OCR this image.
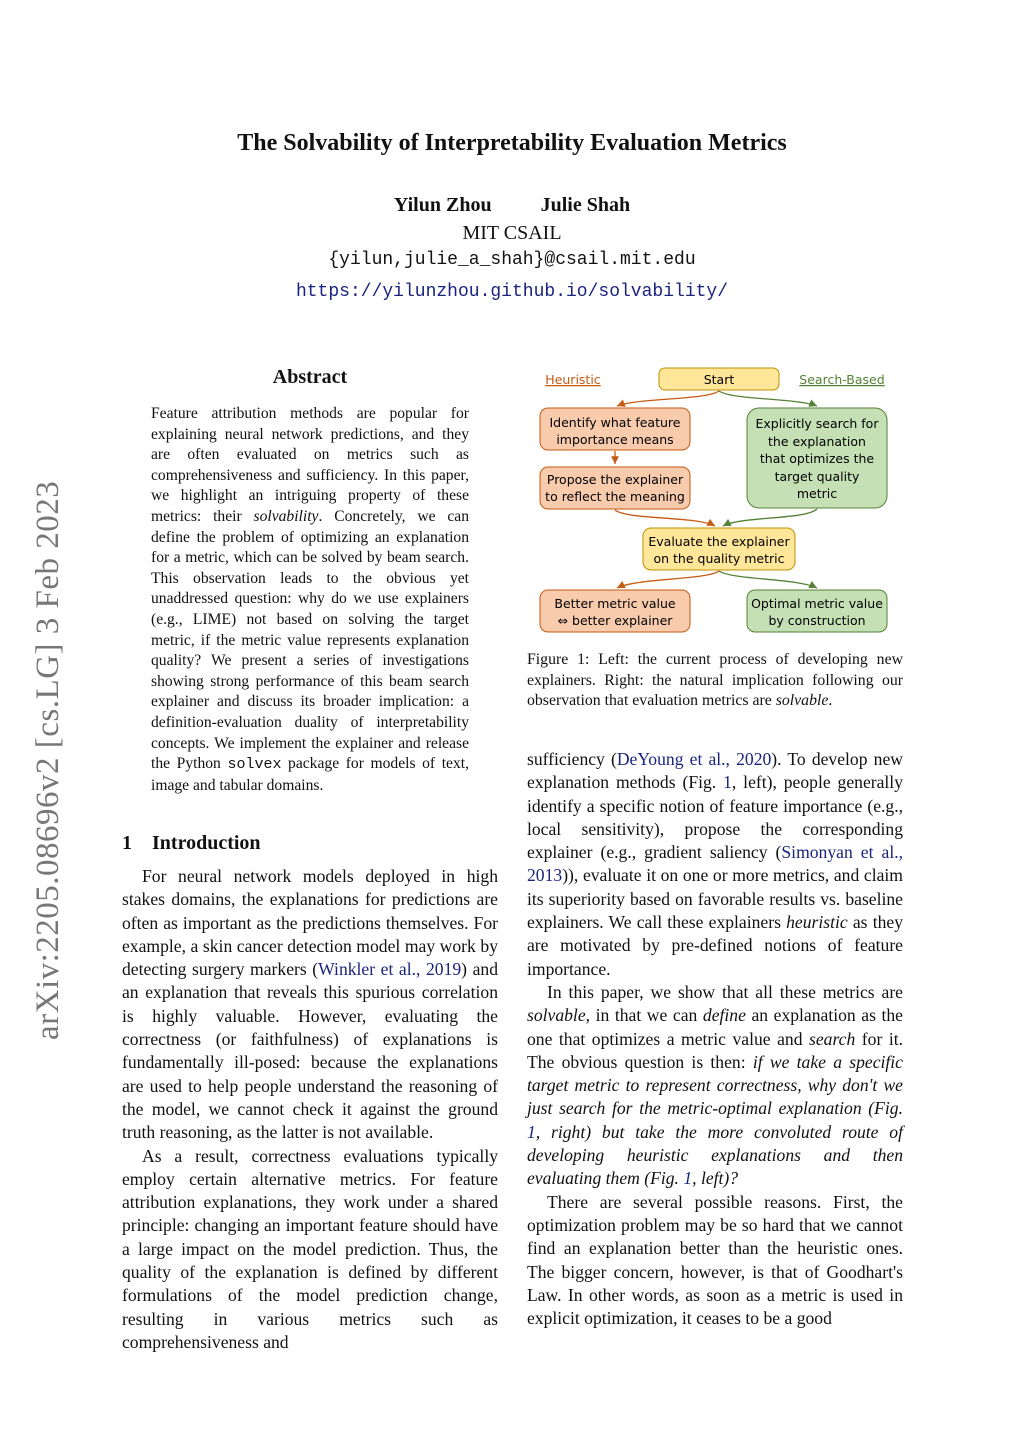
The Solvability of Interpretability Evaluation Metrics
Yilun Zhou Julie Shah
MIT CSAIL
{yilun,julie_a_shah}@csail.mit.edu
https://yilunzhou.github.io/solvability/
arXiv:2205.08696v2 [cs.LG] 3 Feb 2023
Abstract
Feature attribution methods are popular for explaining neural network predictions, and they are often evaluated on metrics such as comprehensiveness and sufficiency. In this paper, we highlight an intriguing property of these metrics: their solvability. Concretely, we can define the problem of optimizing an explanation for a metric, which can be solved by beam search. This observation leads to the obvious yet unaddressed question: why do we use explainers (e.g., LIME) not based on solving the target metric, if the metric value represents explanation quality? We present a series of investigations showing strong performance of this beam search explainer and discuss its broader implication: a definition-evaluation duality of interpretability concepts. We implement the explainer and release the Python solvex package for models of text, image and tabular domains.
1 Introduction

For neural network models deployed in high stakes domains, the explanations for predictions are often as important as the predictions themselves. For example, a skin cancer detection model may work by detecting surgery markers (Winkler et al., 2019) and an explanation that reveals this spurious correlation is highly valuable. However, evaluating the correctness (or faithfulness) of explanations is fundamentally ill-posed: because the explanations are used to help people understand the reasoning of the model, we cannot check it against the ground truth reasoning, as the latter is not available.

As a result, correctness evaluations typically employ certain alternative metrics. For feature attribution explanations, they work under a shared principle: changing an important feature should have a large impact on the model prediction. Thus, the quality of the explanation is defined by different formulations of the model prediction change, resulting in various metrics such as comprehensiveness and

Heuristic	Search-Based
Start
Identify what feature
importance means
Propose the explainer
to reflect the meaning
Explicitly search for
the explanation
that optimizes the
target quality
metric
Evaluate the explainer
on the quality metric
Better metric value
⇔ better explainer
Optimal metric value
by construction
Figure 1: Left: the current process of developing new explainers. Right: the natural implication following our observation that evaluation metrics are solvable.

sufficiency (DeYoung et al., 2020). To develop new explanation methods (Fig. 1, left), people generally identify a specific notion of feature importance (e.g., local sensitivity), propose the corresponding explainer (e.g., gradient saliency (Simonyan et al., 2013)), evaluate it on one or more metrics, and claim its superiority based on favorable results vs. baseline explainers. We call these explainers heuristic as they are motivated by pre-defined notions of feature importance.

In this paper, we show that all these metrics are solvable, in that we can define an explanation as the one that optimizes a metric value and search for it. The obvious question is then: if we take a specific target metric to represent correctness, why don't we just search for the metric-optimal explanation (Fig. 1, right) but take the more convoluted route of developing heuristic explanations and then evaluating them (Fig. 1, left)?

There are several possible reasons. First, the optimization problem may be so hard that we cannot find an explanation better than the heuristic ones. The bigger concern, however, is that of Goodhart's Law. In other words, as soon as a metric is used in explicit optimization, it ceases to be a good
